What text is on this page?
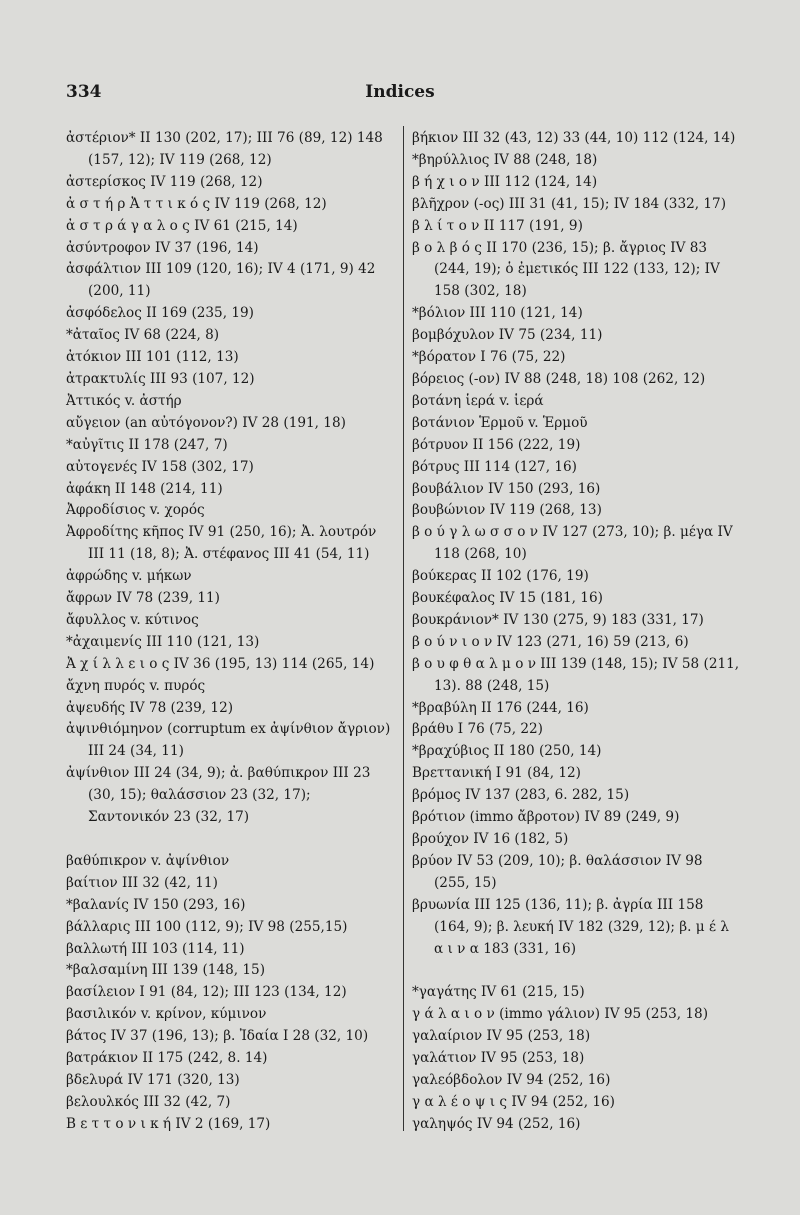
334	Indices
ἀστέριον* II 130 (202, 17); III 76 (89, 12) 148 (157, 12); IV 119 (268, 12)
ἀστερίσκος IV 119 (268, 12)
ἀ σ τ ή ρ Ἀ τ τ ι κ ό ς IV 119 (268, 12)
ἀ σ τ ρ ά γ α λ ο ς IV 61 (215, 14)
ἀσύντροφον IV 37 (196, 14)
ἀσφάλτιον III 109 (120, 16); IV 4 (171, 9) 42 (200, 11)
ἀσφόδελος II 169 (235, 19)
*ἀταῖος IV 68 (224, 8)
ἀτόκιον III 101 (112, 13)
ἀτρακτυλίς III 93 (107, 12)
Ἀττικός v. ἀστήρ
αὔγειον (an αὐτόγονον?) IV 28 (191, 18)
*αὐγῖτις II 178 (247, 7)
αὐτογενές IV 158 (302, 17)
ἀφάκη II 148 (214, 11)
Ἀφροδίσιος v. χορός
Ἀφροδίτης κῆπος IV 91 (250, 16); Ἀ. λουτρόν III 11 (18, 8); Ἀ. στέφανος III 41 (54, 11)
ἀφρώδης v. μήκων
ἄφρων IV 78 (239, 11)
ἄφυλλος v. κύτινος
*ἀχαιμενίς III 110 (121, 13)
Ἀ χ ί λ λ ε ι ο ς IV 36 (195, 13) 114 (265, 14)
ἄχνη πυρός v. πυρός
ἀψευδής IV 78 (239, 12)
ἀψινθιόμηνον (corruptum ex ἀψίνθιον ἄγριον) III 24 (34, 11)
ἀψίνθιον III 24 (34, 9); ἀ. βαθύπικρον III 23 (30, 15); θαλάσσιον 23 (32, 17); Σαντονικόν 23 (32, 17)
βαθύπικρον v. ἀψίνθιον
βαίτιον III 32 (42, 11)
*βαλανίς IV 150 (293, 16)
βάλλαρις III 100 (112, 9); IV 98 (255,15)
βαλλωτή III 103 (114, 11)
*βαλσαμίνη III 139 (148, 15)
βασίλειον I 91 (84, 12); III 123 (134, 12)
βασιλικόν v. κρίνον, κύμινον
βάτος IV 37 (196, 13); β. Ἰδαία I 28 (32, 10)
βατράκιον II 175 (242, 8. 14)
βδελυρά IV 171 (320, 13)
βελουλκός III 32 (42, 7)
Β ε τ τ ο ν ι κ ή IV 2 (169, 17)
βήκιον III 32 (43, 12) 33 (44, 10) 112 (124, 14)
*βηρύλλιος IV 88 (248, 18)
β ή χ ι ο ν III 112 (124, 14)
βλῆχρον (-ος) III 31 (41, 15); IV 184 (332, 17)
β λ ί τ ο ν II 117 (191, 9)
β ο λ β ό ς II 170 (236, 15); β. ἄγριος IV 83 (244, 19); ὁ ἐμετικός III 122 (133, 12); IV 158 (302, 18)
*βόλιον III 110 (121, 14)
βομβόχυλον IV 75 (234, 11)
*βόρατον I 76 (75, 22)
βόρειος (-ον) IV 88 (248, 18) 108 (262, 12)
βοτάνη ἱερά v. ἱερά
βοτάνιον Ἑρμοῦ v. Ἑρμοῦ
βότρυον II 156 (222, 19)
βότρυς III 114 (127, 16)
βουβάλιον IV 150 (293, 16)
βουβώνιον IV 119 (268, 13)
β ο ύ γ λ ω σ σ ο ν IV 127 (273, 10); β. μέγα IV 118 (268, 10)
βούκερας II 102 (176, 19)
βουκέφαλος IV 15 (181, 16)
βουκράνιον* IV 130 (275, 9) 183 (331, 17)
β ο ύ ν ι ο ν IV 123 (271, 16) 59 (213, 6)
β ο υ φ θ α λ μ ο ν III 139 (148, 15); IV 58 (211, 13). 88 (248, 15)
*βραβύλη II 176 (244, 16)
βράθυ I 76 (75, 22)
*βραχύβιος II 180 (250, 14)
Βρεττανική I 91 (84, 12)
βρόμος IV 137 (283, 6. 282, 15)
βρότιον (immo ἄβροτον) IV 89 (249, 9)
βρούχον IV 16 (182, 5)
βρύον IV 53 (209, 10); β. θαλάσσιον IV 98 (255, 15)
βρυωνία III 125 (136, 11); β. ἀγρία III 158 (164, 9); β. λευκή IV 182 (329, 12); β. μ έ λ α ι ν α 183 (331, 16)
*γαγάτης IV 61 (215, 15)
γ ά λ α ι ο ν (immo γάλιον) IV 95 (253, 18)
γαλαίριον IV 95 (253, 18)
γαλάτιον IV 95 (253, 18)
γαλεόβδολον IV 94 (252, 16)
γ α λ έ ο ψ ι ς IV 94 (252, 16)
γαληψός IV 94 (252, 16)
